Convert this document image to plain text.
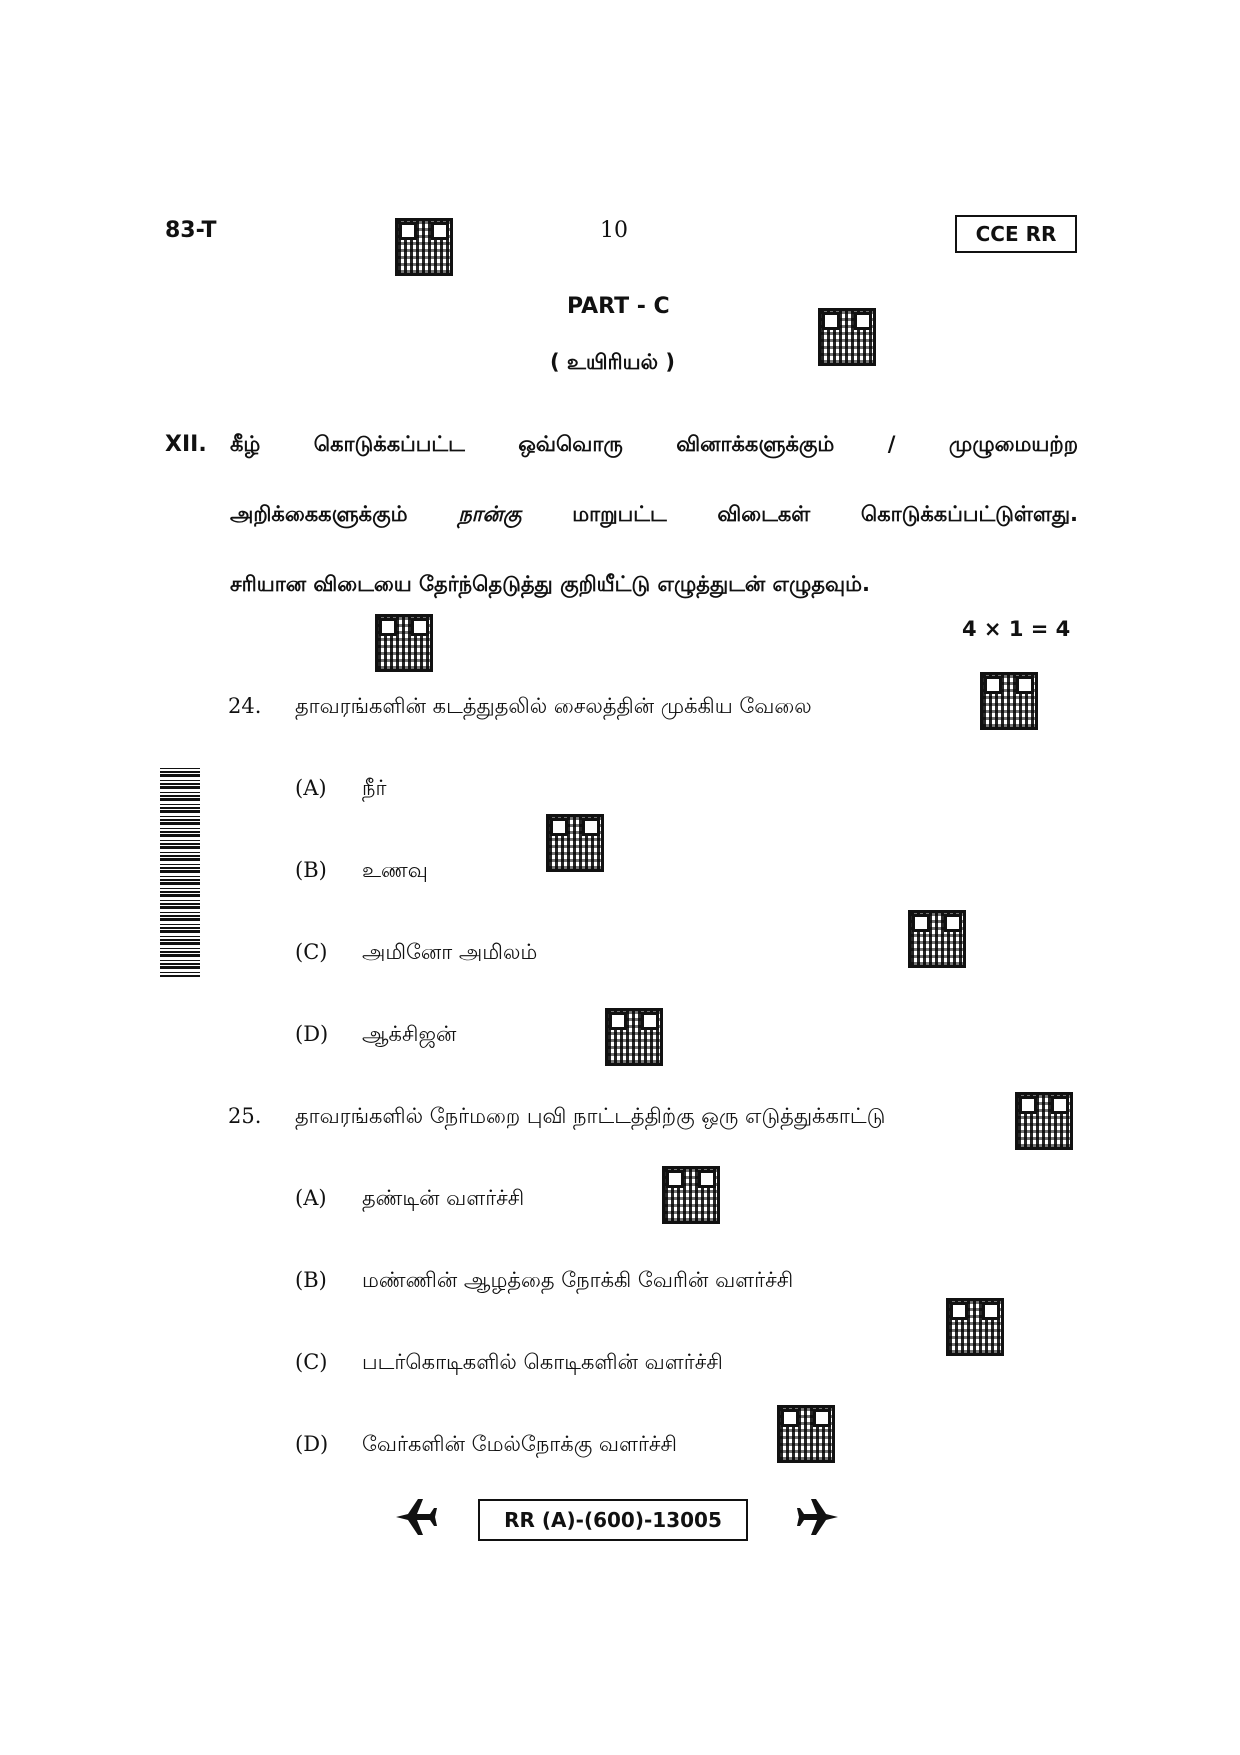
83-T	10	CCE RR
PART - C
( உயிரியல் )
XII. கீழ் கொடுக்கப்பட்ட ஒவ்வொரு வினாக்களுக்கும் / முழுமையற்ற
அறிக்கைகளுக்கும் நான்கு மாறுபட்ட விடைகள் கொடுக்கப்பட்டுள்ளது.
சரியான விடையை தேர்ந்தெடுத்து குறியீட்டு எழுத்துடன் எழுதவும்.
4 × 1 = 4
24. தாவரங்களின் கடத்துதலில் சைலத்தின் முக்கிய வேலை
(A) நீர்
(B) உணவு
(C) அமினோ அமிலம்
(D) ஆக்சிஜன்
25. தாவரங்களில் நேர்மறை புவி நாட்டத்திற்கு ஒரு எடுத்துக்காட்டு
(A) தண்டின் வளர்ச்சி
(B) மண்ணின் ஆழத்தை நோக்கி வேரின் வளர்ச்சி
(C) படர்கொடிகளில் கொடிகளின் வளர்ச்சி
(D) வேர்களின் மேல்நோக்கு வளர்ச்சி
RR (A)-(600)-13005
